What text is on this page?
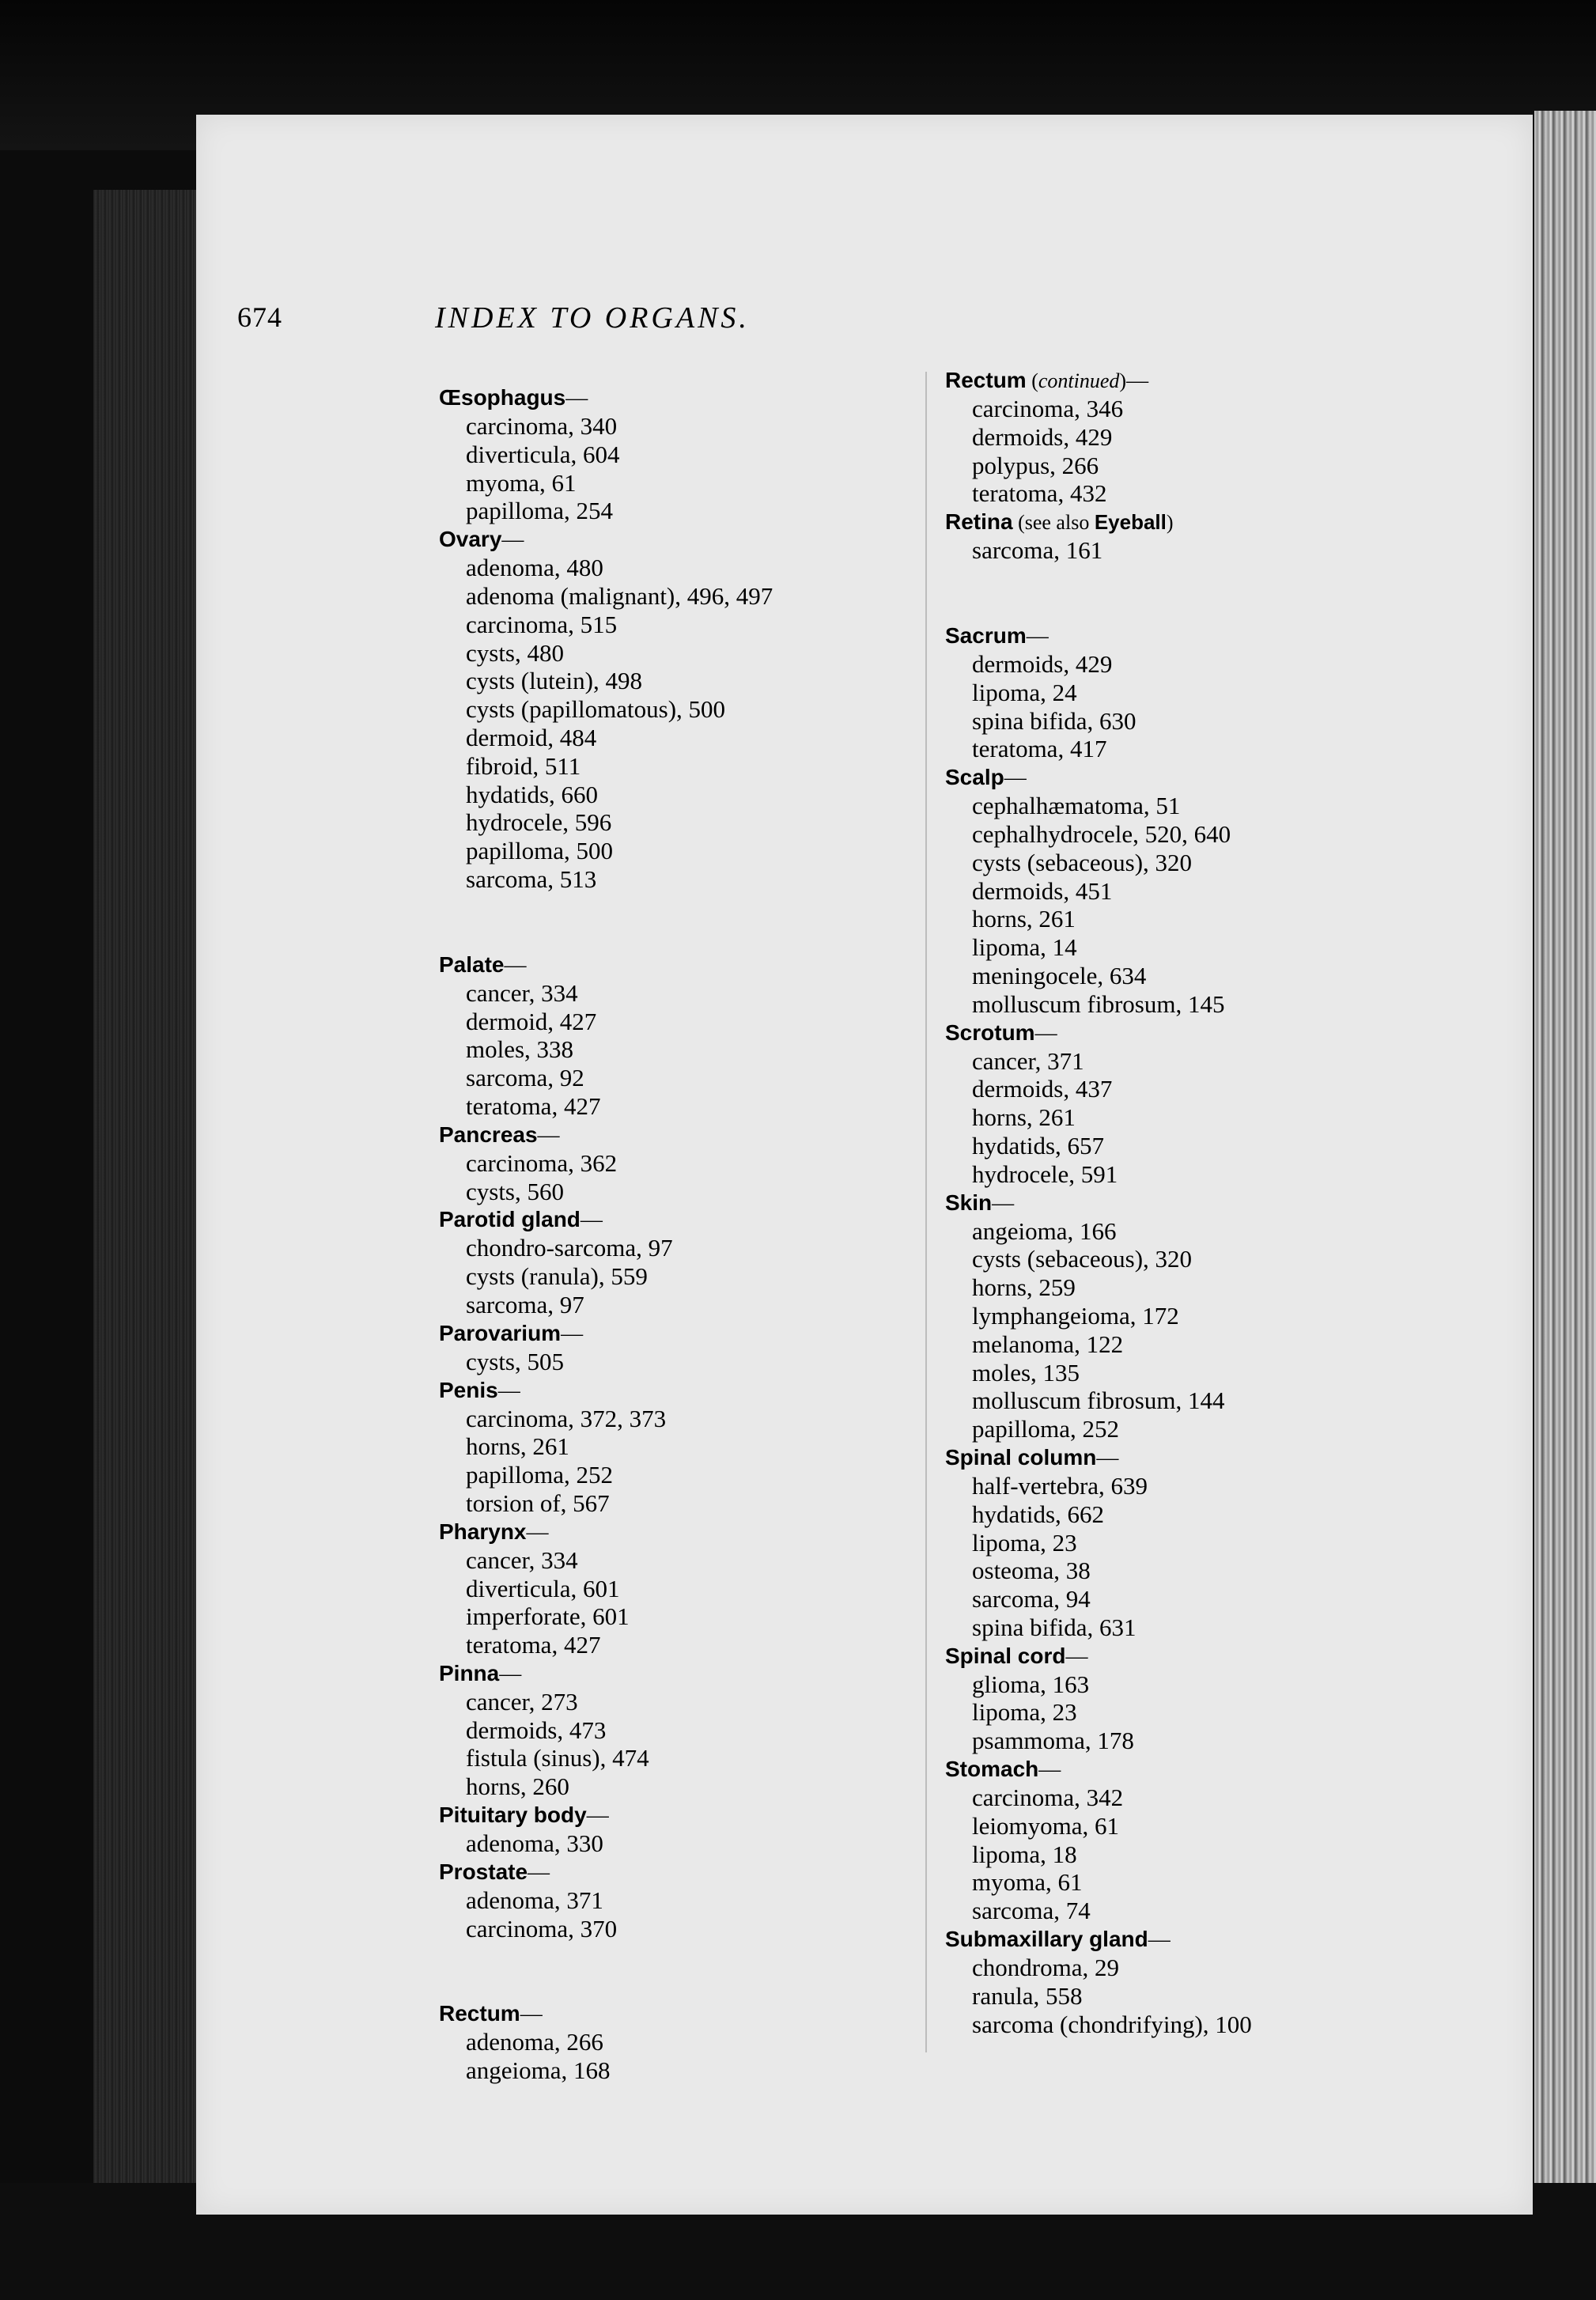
674	INDEX TO ORGANS.
Œsophagus—
carcinoma, 340
diverticula, 604
myoma, 61
papilloma, 254
Ovary—
adenoma, 480
adenoma (malignant), 496, 497
carcinoma, 515
cysts, 480
cysts (lutein), 498
cysts (papillomatous), 500
dermoid, 484
fibroid, 511
hydatids, 660
hydrocele, 596
papilloma, 500
sarcoma, 513
Palate—
cancer, 334
dermoid, 427
moles, 338
sarcoma, 92
teratoma, 427
Pancreas—
carcinoma, 362
cysts, 560
Parotid gland—
chondro-sarcoma, 97
cysts (ranula), 559
sarcoma, 97
Parovarium—
cysts, 505
Penis—
carcinoma, 372, 373
horns, 261
papilloma, 252
torsion of, 567
Pharynx—
cancer, 334
diverticula, 601
imperforate, 601
teratoma, 427
Pinna—
cancer, 273
dermoids, 473
fistula (sinus), 474
horns, 260
Pituitary body—
adenoma, 330
Prostate—
adenoma, 371
carcinoma, 370
Rectum—
adenoma, 266
angeioma, 168
Rectum (continued)—
carcinoma, 346
dermoids, 429
polypus, 266
teratoma, 432
Retina (see also Eyeball)
sarcoma, 161
Sacrum—
dermoids, 429
lipoma, 24
spina bifida, 630
teratoma, 417
Scalp—
cephalhæmatoma, 51
cephalhydrocele, 520, 640
cysts (sebaceous), 320
dermoids, 451
horns, 261
lipoma, 14
meningocele, 634
molluscum fibrosum, 145
Scrotum—
cancer, 371
dermoids, 437
horns, 261
hydatids, 657
hydrocele, 591
Skin—
angeioma, 166
cysts (sebaceous), 320
horns, 259
lymphangeioma, 172
melanoma, 122
moles, 135
molluscum fibrosum, 144
papilloma, 252
Spinal column—
half-vertebra, 639
hydatids, 662
lipoma, 23
osteoma, 38
sarcoma, 94
spina bifida, 631
Spinal cord—
glioma, 163
lipoma, 23
psammoma, 178
Stomach—
carcinoma, 342
leiomyoma, 61
lipoma, 18
myoma, 61
sarcoma, 74
Submaxillary gland—
chondroma, 29
ranula, 558
sarcoma (chondrifying), 100
